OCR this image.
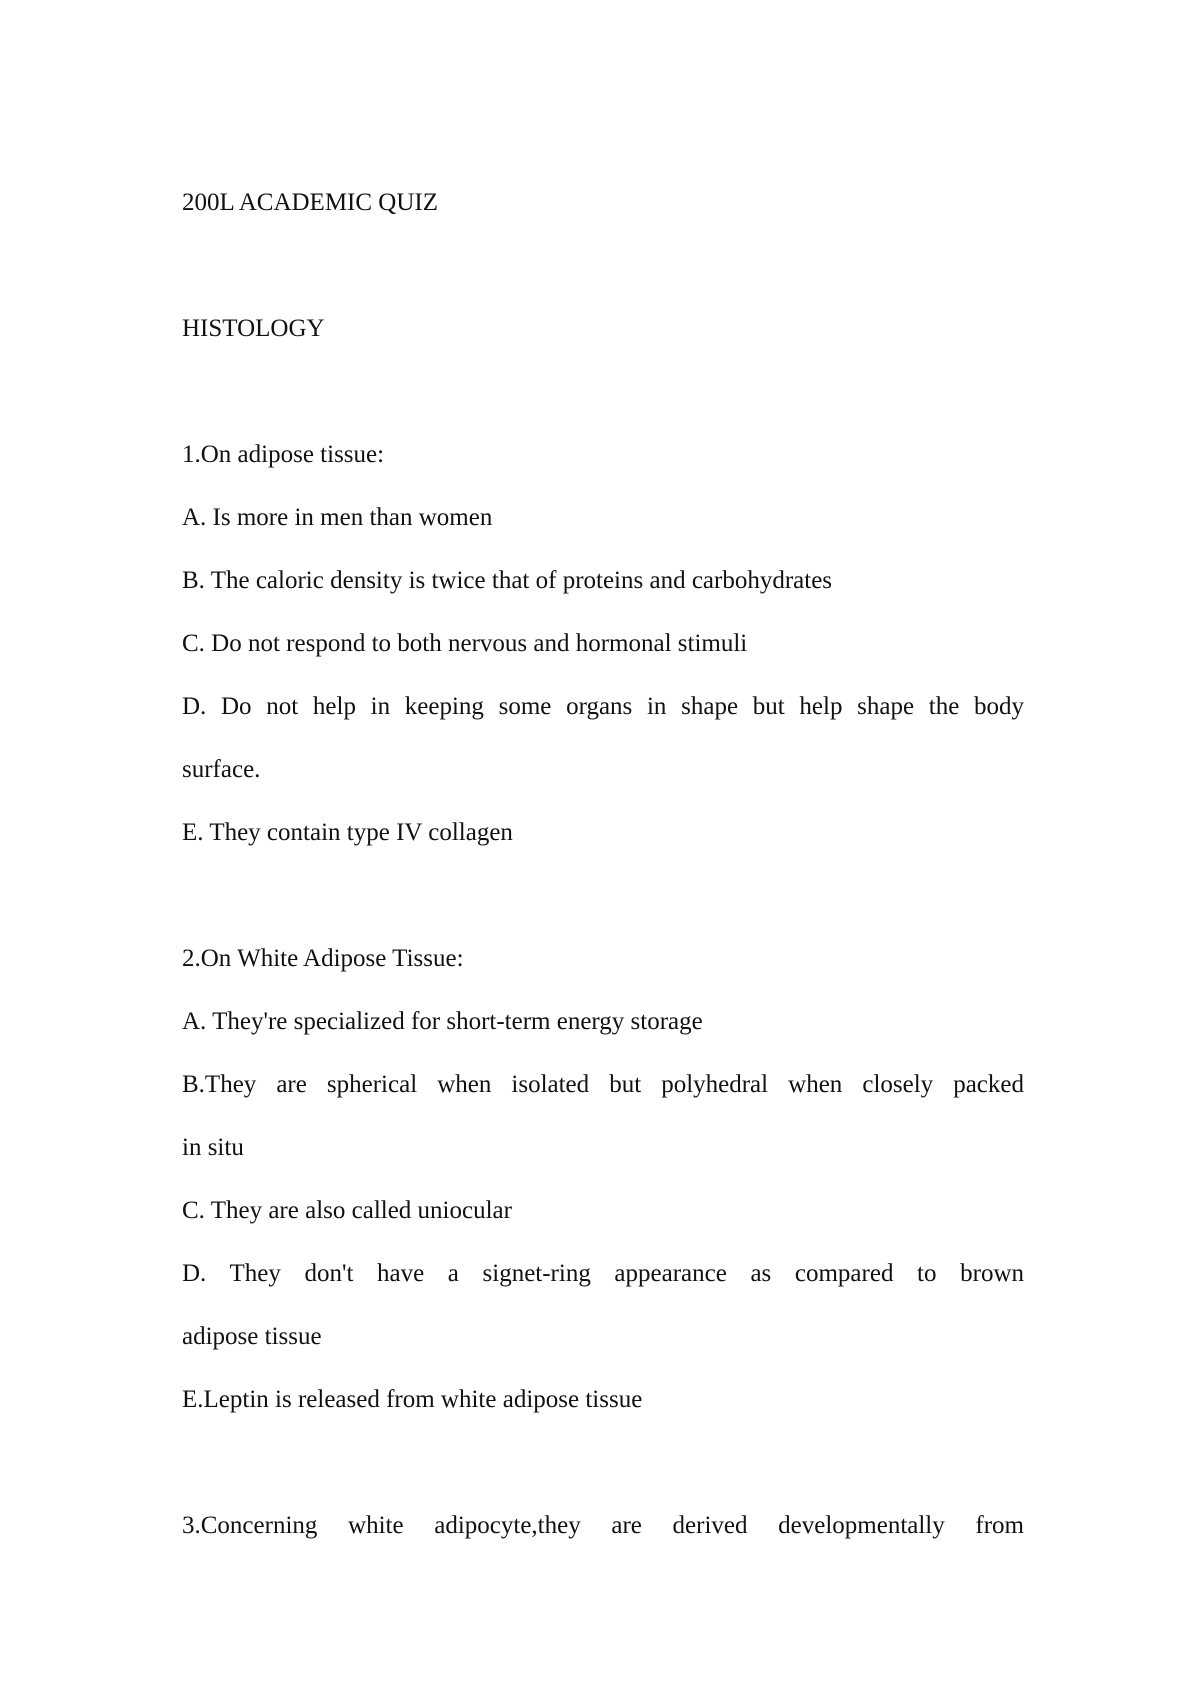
200L ACADEMIC QUIZ

HISTOLOGY

1.On adipose tissue:

A. Is more in men than women

B. The caloric density is twice that of proteins and carbohydrates

C. Do not respond to both nervous and hormonal stimuli

D. Do not help in keeping some organs in shape but help shape the body

surface.

E. They contain type IV collagen

2.On White Adipose Tissue:

A. They're specialized for short-term energy storage

B.They are spherical when isolated but polyhedral when closely packed

in situ

C. They are also called uniocular

D. They don't have a signet-ring appearance as compared to brown

adipose tissue

E.Leptin is released from white adipose tissue

3.Concerning white adipocyte,they are derived developmentally from
